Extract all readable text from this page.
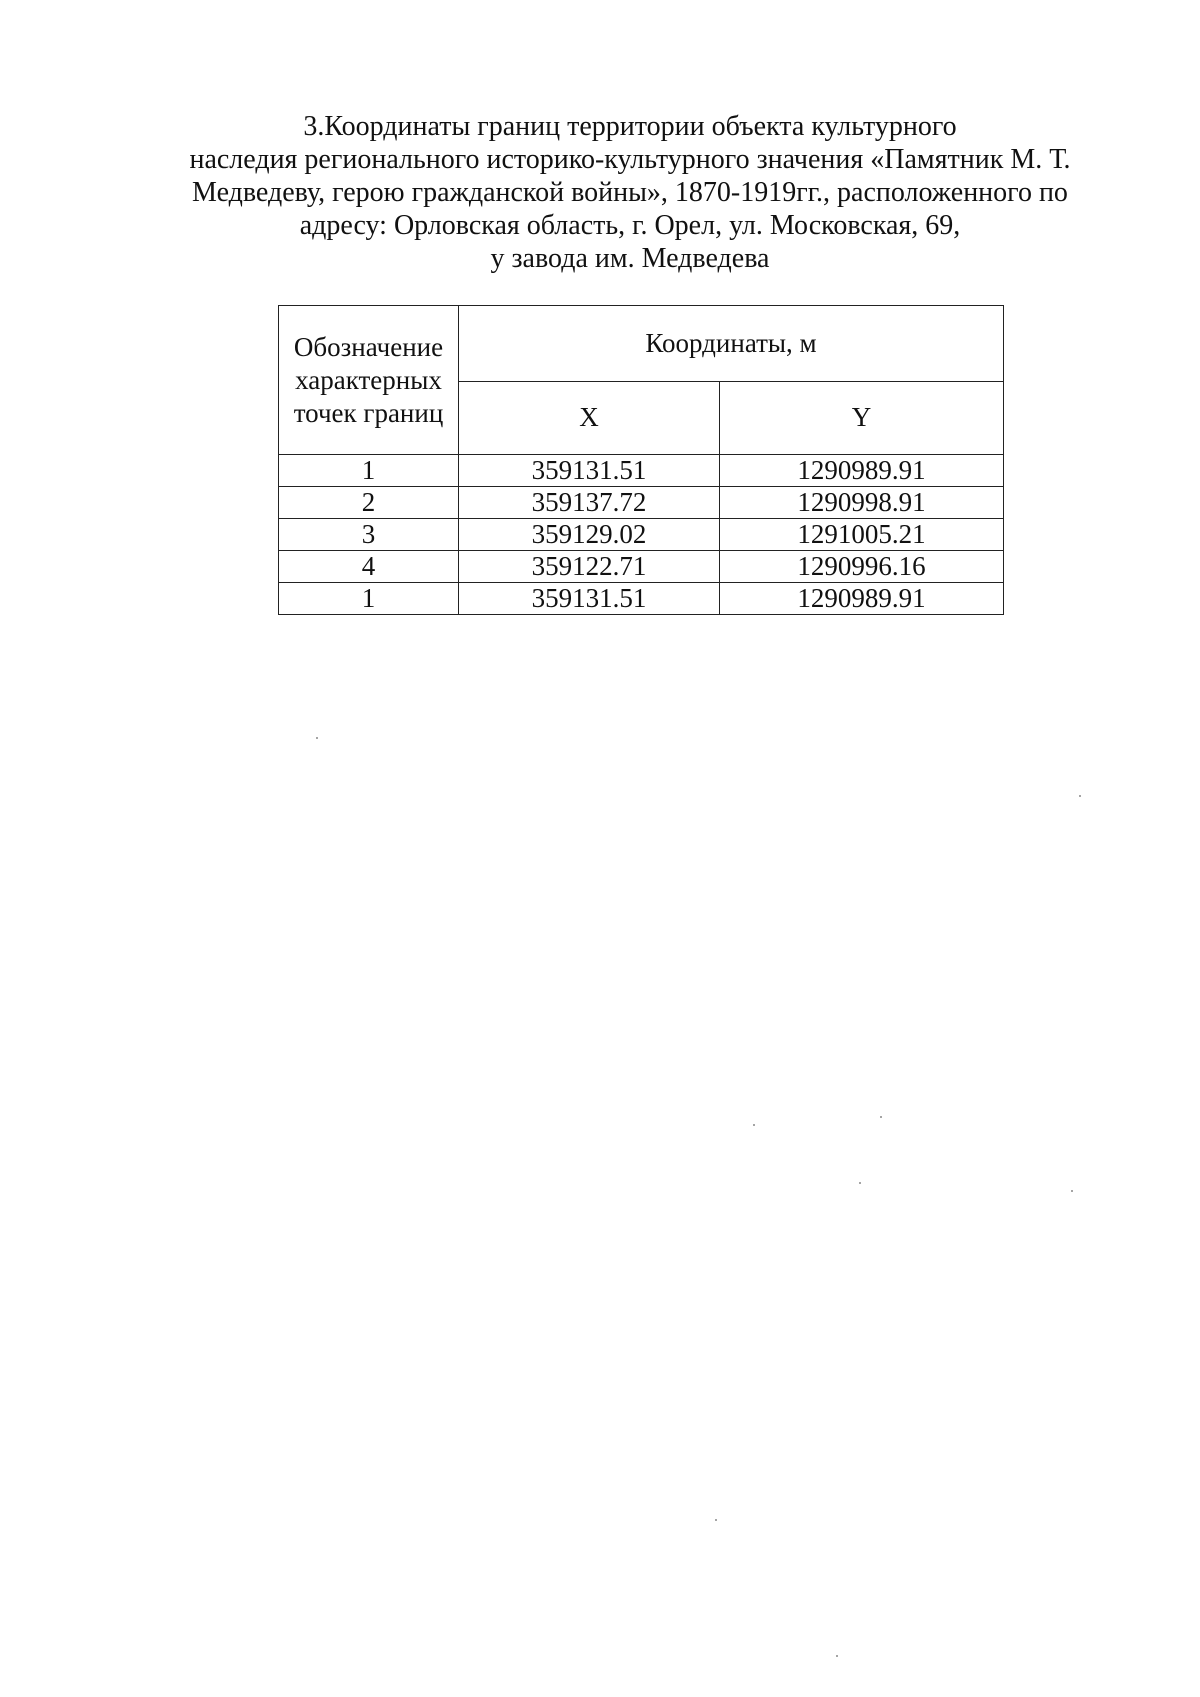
3.Координаты границ территории объекта культурного
наследия регионального историко-культурного значения «Памятник М. Т.
Медведеву, герою гражданской войны», 1870-1919гг., расположенного по
адресу: Орловская область, г. Орел, ул. Московская, 69,
у завода им. Медведева
Обозначение характерных точек границ	Координаты, м	
	X	Y
1	359131.51	1290989.91
2	359137.72	1290998.91
3	359129.02	1291005.21
4	359122.71	1290996.16
1	359131.51	1290989.91
